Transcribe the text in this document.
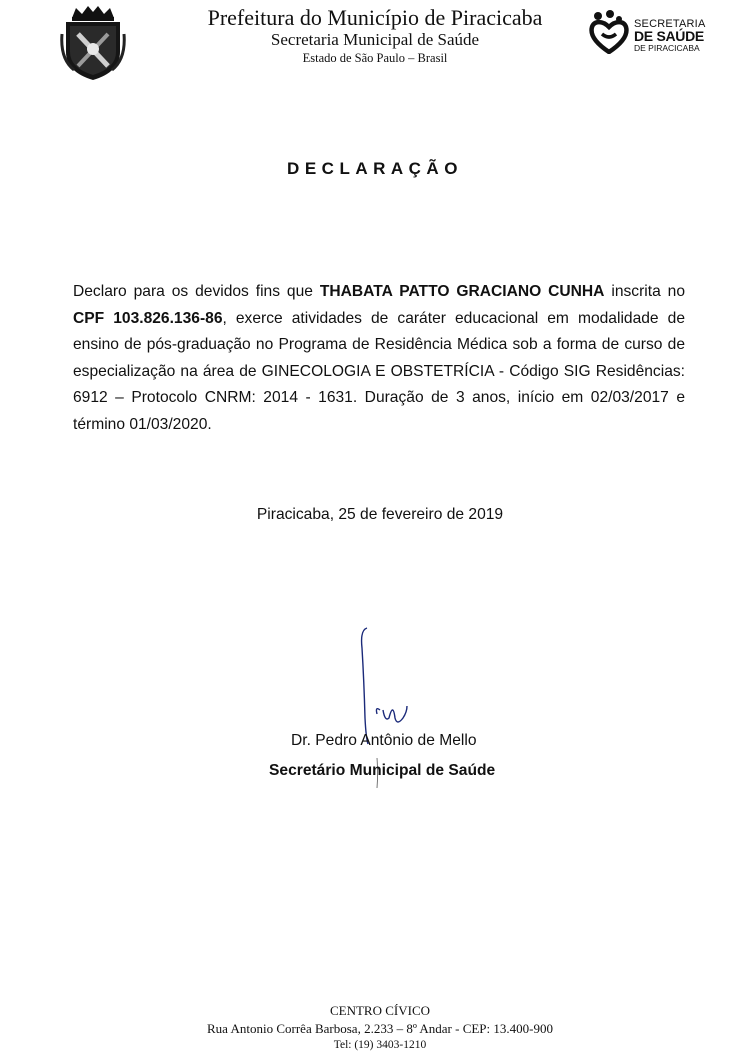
Prefeitura do Município de Piracicaba
Secretaria Municipal de Saúde
Estado de São Paulo – Brasil
SECRETARIA
DE SAÚDE
DE PIRACICABA
DECLARAÇÃO
Declaro para os devidos fins que THABATA PATTO GRACIANO CUNHA inscrita no CPF 103.826.136-86, exerce atividades de caráter educacional em modalidade de ensino de pós-graduação no Programa de Residência Médica sob a forma de curso de especialização na área de GINECOLOGIA E OBSTETRÍCIA - Código SIG Residências: 6912 – Protocolo CNRM: 2014 - 1631. Duração de 3 anos, início em 02/03/2017 e término 01/03/2020.
Piracicaba, 25 de fevereiro de 2019
Dr. Pedro Antônio de Mello
Secretário Municipal de Saúde
CENTRO CÍVICO
Rua Antonio Corrêa Barbosa, 2.233 – 8º Andar - CEP: 13.400-900
Tel: (19) 3403-1210
